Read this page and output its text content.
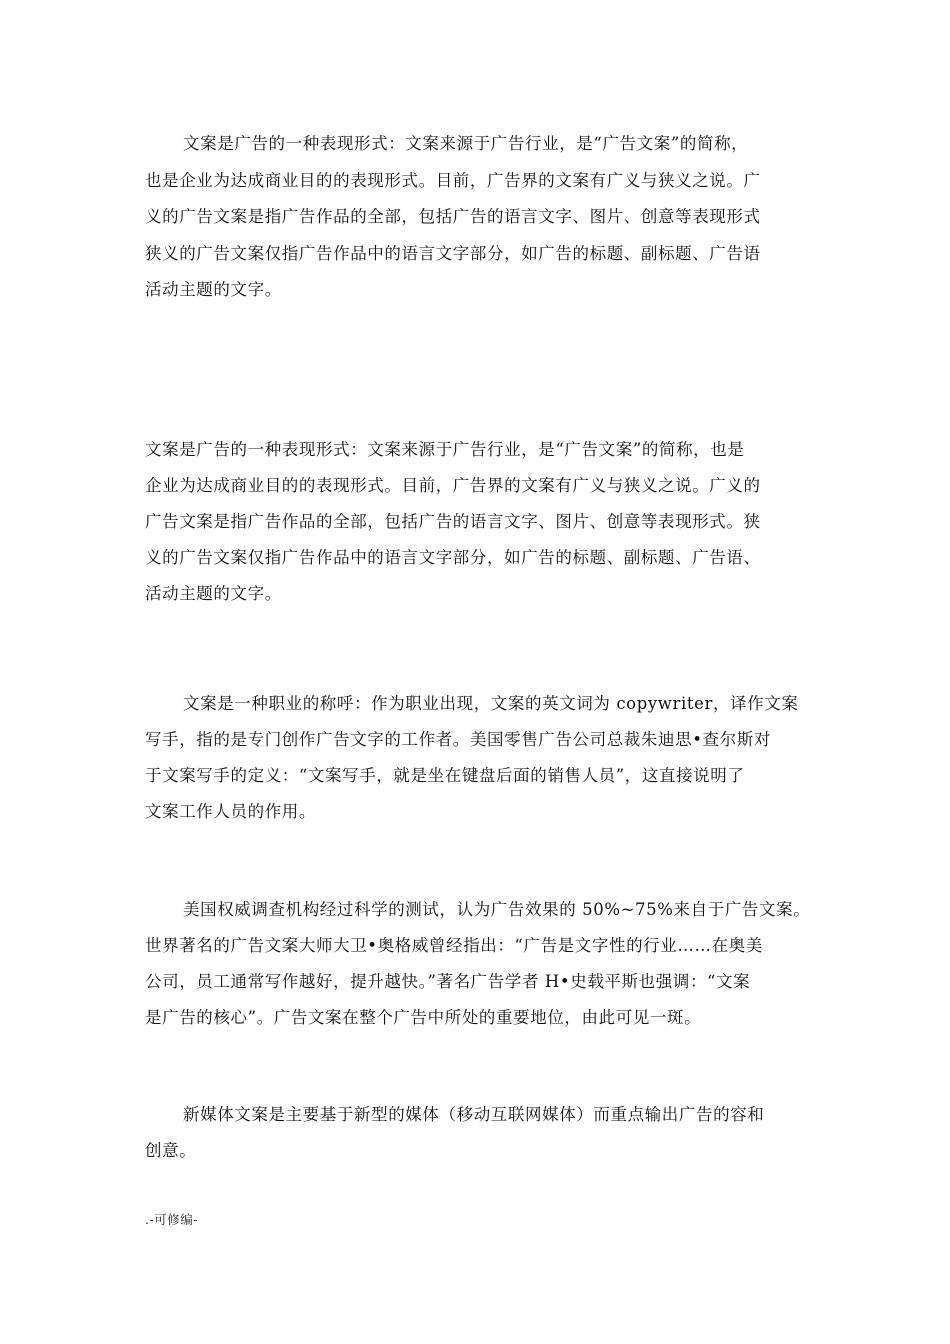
文案是广告的一种表现形式：文案来源于广告行业，是“广告文案”的简称，
也是企业为达成商业目的的表现形式。目前，广告界的文案有广义与狭义之说。广
义的广告文案是指广告作品的全部，包括广告的语言文字、图片、创意等表现形式
狭义的广告文案仅指广告作品中的语言文字部分，如广告的标题、副标题、广告语
活动主题的文字。

文案是广告的一种表现形式：文案来源于广告行业，是“广告文案”的简称，也是
企业为达成商业目的的表现形式。目前，广告界的文案有广义与狭义之说。广义的
广告文案是指广告作品的全部，包括广告的语言文字、图片、创意等表现形式。狭
义的广告文案仅指广告作品中的语言文字部分，如广告的标题、副标题、广告语、
活动主题的文字。

文案是一种职业的称呼：作为职业出现，文案的英文词为 copywriter，译作文案
写手，指的是专门创作广告文字的工作者。美国零售广告公司总裁朱迪思•查尔斯对
于文案写手的定义：“文案写手，就是坐在键盘后面的销售人员”，这直接说明了
文案工作人员的作用。

美国权威调查机构经过科学的测试，认为广告效果的 50%~75%来自于广告文案。
世界著名的广告文案大师大卫•奥格威曾经指出：“广告是文字性的行业……在奥美
公司，员工通常写作越好，提升越快。”著名广告学者 H•史载平斯也强调：“文案
是广告的核心”。广告文案在整个广告中所处的重要地位，由此可见一斑。

新媒体文案是主要基于新型的媒体（移动互联网媒体）而重点输出广告的容和
创意。

.-可修编-
